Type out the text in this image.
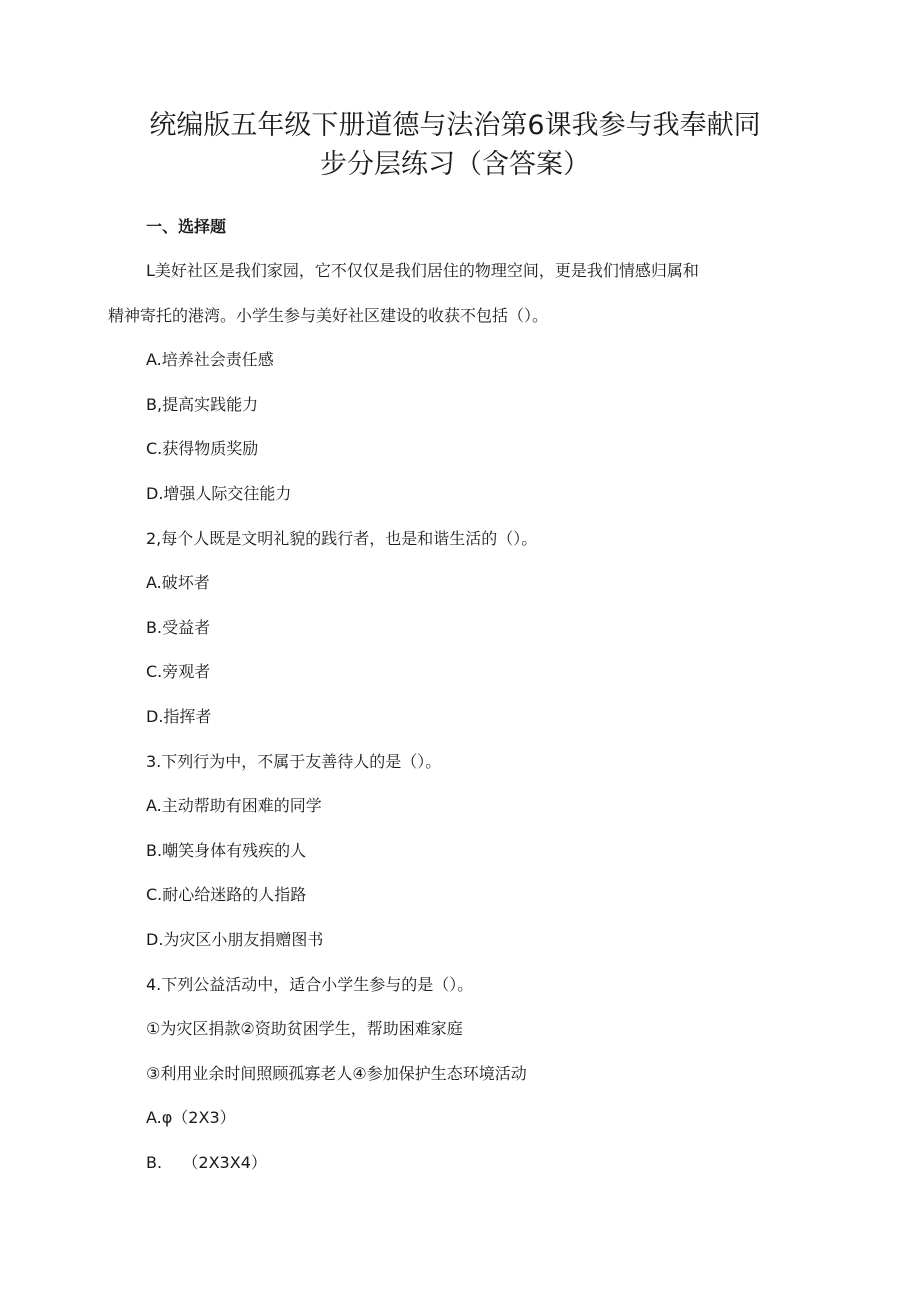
统编版五年级下册道德与法治第6课我参与我奉献同
步分层练习（含答案）
一、选择题
L美好社区是我们家园，它不仅仅是我们居住的物理空间，更是我们情感归属和
精神寄托的港湾。小学生参与美好社区建设的收获不包括（）。
A.培养社会责任感
B,提高实践能力
C.获得物质奖励
D.增强人际交往能力
2,每个人既是文明礼貌的践行者，也是和谐生活的（）。
A.破坏者
B.受益者
C.旁观者
D.指挥者
3.下列行为中，不属于友善待人的是（）。
A.主动帮助有困难的同学
B.嘲笑身体有残疾的人
C.耐心给迷路的人指路
D.为灾区小朋友捐赠图书
4.下列公益活动中，适合小学生参与的是（）。
①为灾区捐款②资助贫困学生，帮助困难家庭
③利用业余时间照顾孤寡老人④参加保护生态环境活动
A.φ（2X3）
B.    （2X3X4）
